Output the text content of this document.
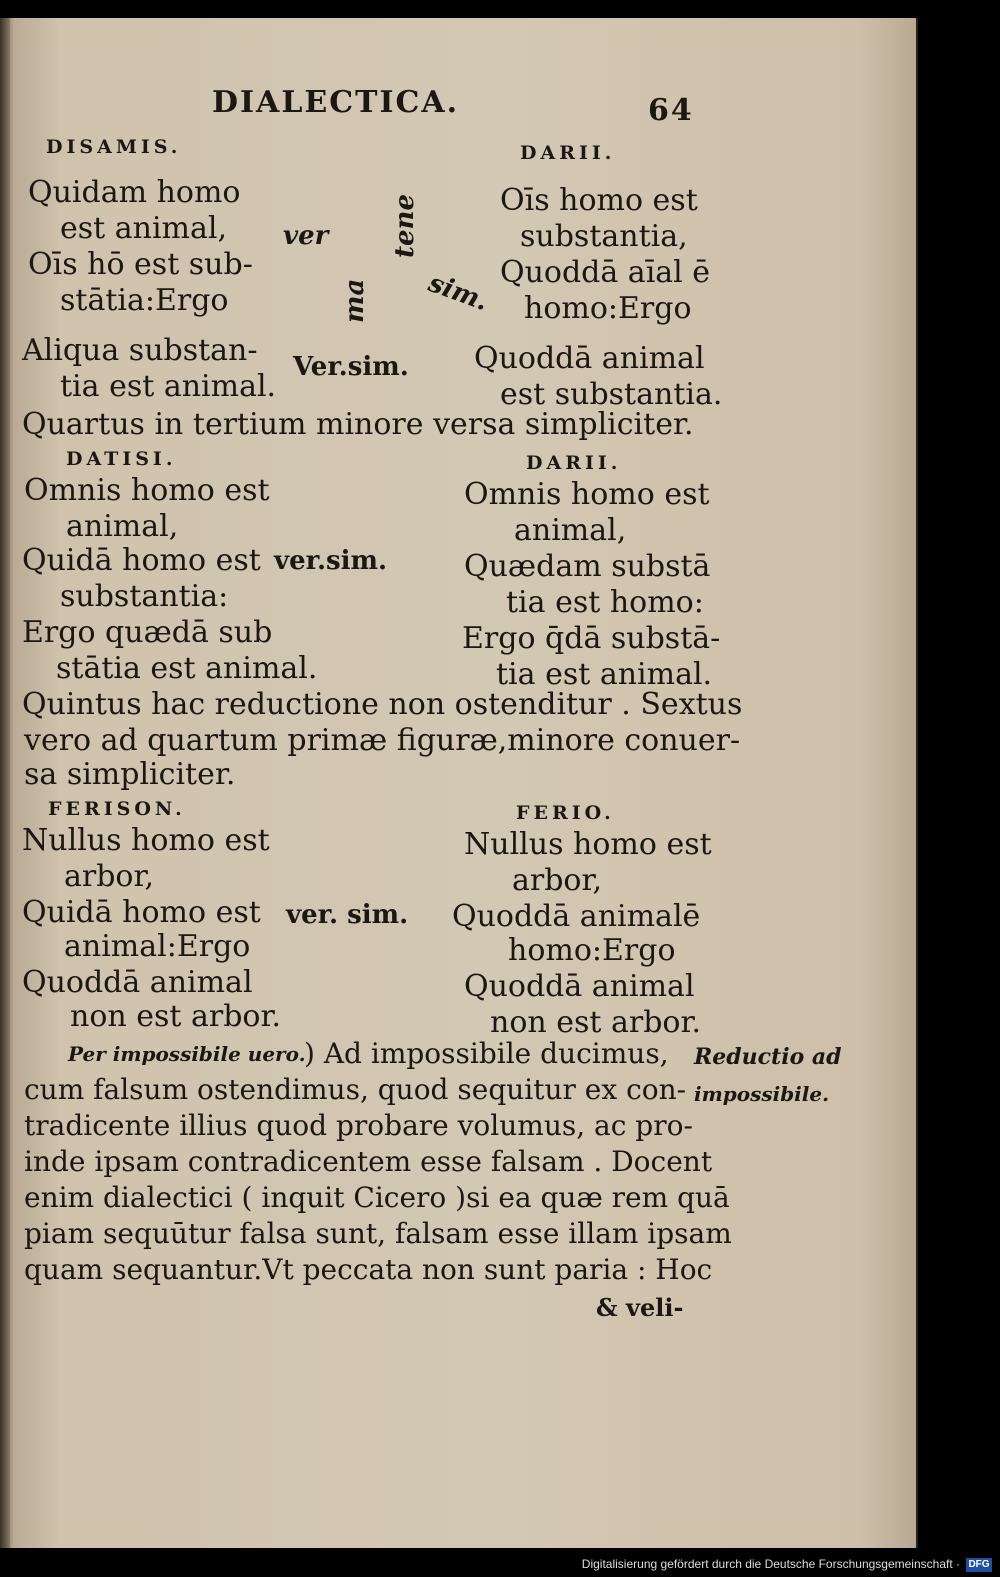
DIALECTICA.	64
DISAMIS.	DARII.
Quidam homo
est animal,
Oīs hō est sub-
stātia:Ergo
Aliqua substan-
tia est animal.
ver tene
sim.
ma
Ver.sim.
Oīs homo est
substantia,
Quoddā aīal ē
homo:Ergo
Quoddā animal
est substantia.
Quartus in tertium minore versa simpliciter.
DATISI.	DARII.
Omnis homo est
animal,
Quidā homo est
substantia:
Ergo quædā sub
stātia est animal.
ver.sim.
Omnis homo est
animal,
Quædam substā
tia est homo:
Ergo q̄dā substā-
tia est animal.
Quintus hac reductione non ostenditur . Sextus
vero ad quartum primæ figuræ,minore conuer-
sa simpliciter.
FERISON.	FERIO.
Nullus homo est
arbor,
Quidā homo est
animal:Ergo
Quoddā animal
non est arbor.
ver. sim.
Nullus homo est
arbor,
Quoddā animalē
homo:Ergo
Quoddā animal
non est arbor.
Per impossibile uero.
) Ad impossibile ducimus,
cum falsum ostendimus, quod sequitur ex con-
tradicente illius quod probare volumus, ac pro-
inde ipsam contradicentem esse falsam . Docent
enim dialectici ( inquit Cicero )si ea quæ rem quā
piam sequūtur falsa sunt, falsam esse illam ipsam
quam sequantur.Vt peccata non sunt paria : Hoc
& veli-
Reductio ad
impossibile.
Digitalisierung gefördert durch die Deutsche Forschungsgemeinschaft · DFG
